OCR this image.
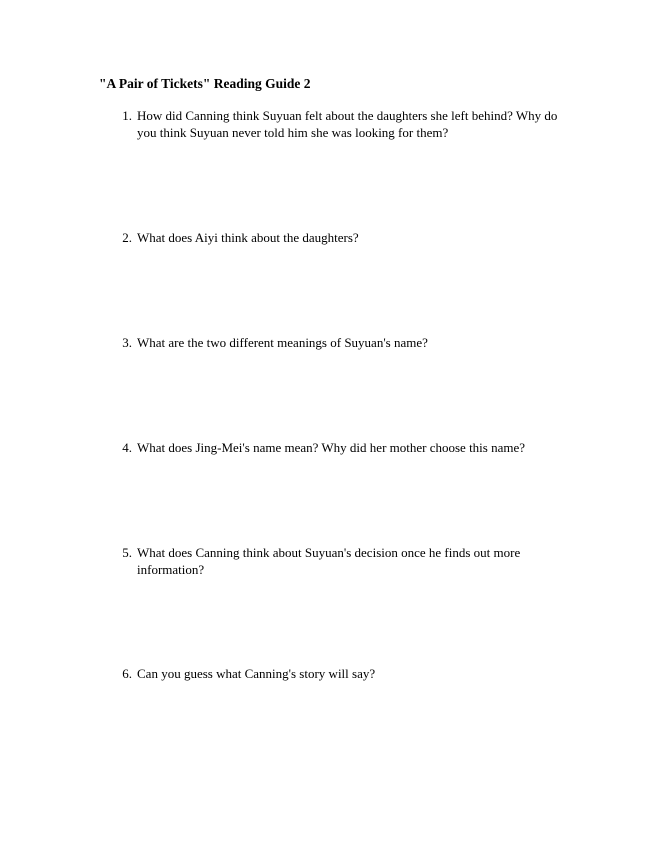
"A Pair of Tickets" Reading Guide 2
1. How did Canning think Suyuan felt about the daughters she left behind? Why do you think Suyuan never told him she was looking for them?
2. What does Aiyi think about the daughters?
3. What are the two different meanings of Suyuan's name?
4. What does Jing-Mei's name mean? Why did her mother choose this name?
5. What does Canning think about Suyuan's decision once he finds out more information?
6. Can you guess what Canning's story will say?
